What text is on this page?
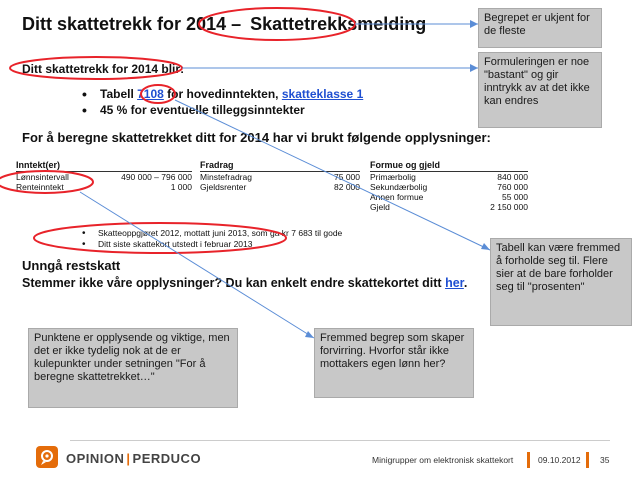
Ditt skattetrekk for 2014 – Skattetrekksmelding
Ditt skattetrekk for 2014 blir:
• Tabell 7108 for hovedinntekten, skatteklasse 1
• 45 % for eventuelle tilleggsinntekter
For å beregne skattetrekket ditt for 2014 har vi brukt følgende opplysninger:
Inntekt(er)
Lønnsintervall	490 000 – 796 000
Renteinntekt	1 000
Fradrag
Minstefradrag	75 000
Gjeldsrenter	82 000
Formue og gjeld
Primærbolig	840 000
Sekundærbolig	760 000
Annen formue	55 000
Gjeld	2 150 000
• Skatteoppgjøret 2012, mottatt juni 2013, som ga kr 7 683 til gode
• Ditt siste skattekort utstedt i februar 2013
Unngå restskatt
Stemmer ikke våre opplysninger? Du kan enkelt endre skattekortet ditt her.
Begrepet er ukjent for de fleste
Formuleringen er noe "bastant" og gir inntrykk av at det ikke kan endres
Tabell kan være fremmed å forholde seg til. Flere sier at de bare forholder seg til "prosenten"
Punktene er opplysende og viktige, men det er ikke tydelig nok at de er kulepunkter under setningen "For å beregne skattetrekket…"
Fremmed begrep som skaper forvirring. Hvorfor står ikke mottakers egen lønn her?
OPINION | PERDUCO	Minigrupper om elektronisk skattekort	09.10.2012 35
